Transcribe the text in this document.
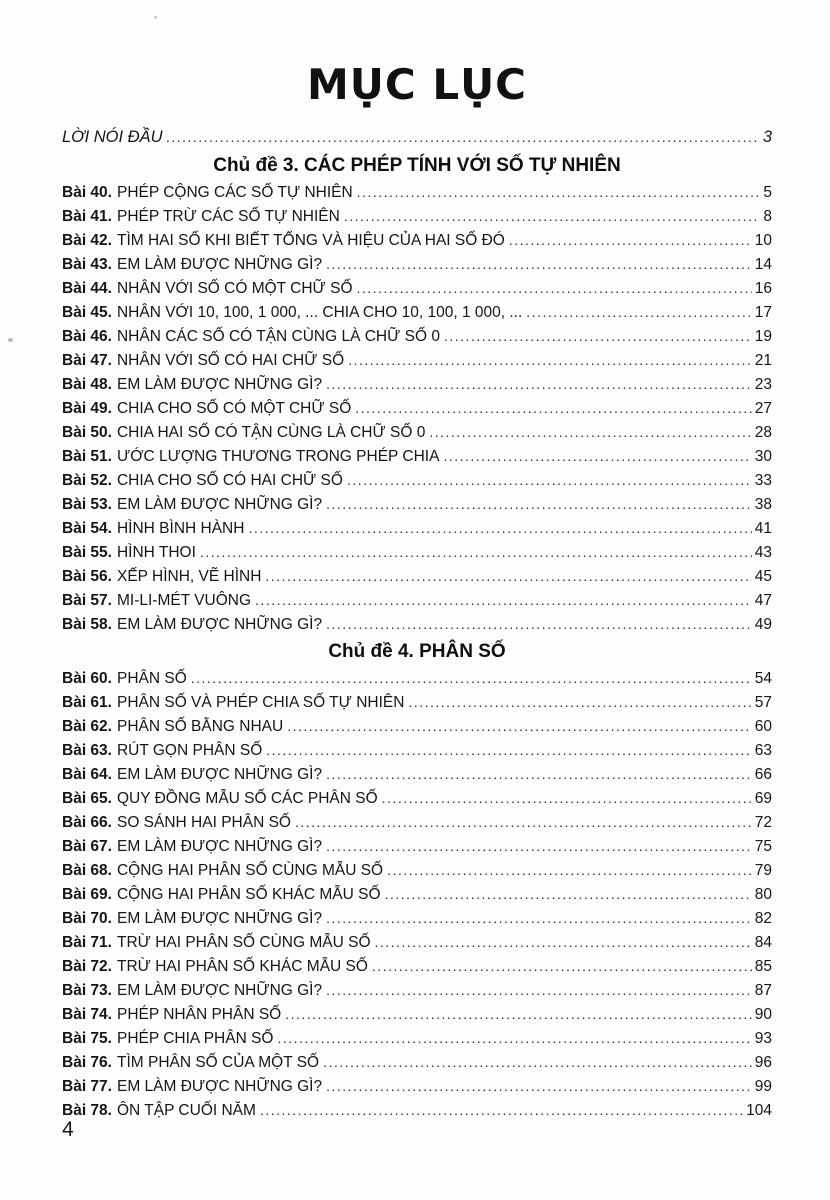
MỤC LỤC
LỜI NÓI ĐẦU .....	3
Chủ đề 3. CÁC PHÉP TÍNH VỚI SỐ TỰ NHIÊN
Bài 40. PHÉP CỘNG CÁC SỐ TỰ NHIÊN .....	5
Bài 41. PHÉP TRỪ CÁC SỐ TỰ NHIÊN .....	8
Bài 42. TÌM HAI SỐ KHI BIẾT TỔNG VÀ HIỆU CỦA HAI SỐ ĐÓ .....	10
Bài 43. EM LÀM ĐƯỢC NHỮNG GÌ? .....	14
Bài 44. NHÂN VỚI SỐ CÓ MỘT CHỮ SỐ .....	16
Bài 45. NHÂN VỚI 10, 100, 1 000, ... CHIA CHO 10, 100, 1 000, ... .....	17
Bài 46. NHÂN CÁC SỐ CÓ TẬN CÙNG LÀ CHỮ SỐ 0 .....	19
Bài 47. NHÂN VỚI SỐ CÓ HAI CHỮ SỐ .....	21
Bài 48. EM LÀM ĐƯỢC NHỮNG GÌ? .....	23
Bài 49. CHIA CHO SỐ CÓ MỘT CHỮ SỐ .....	27
Bài 50. CHIA HAI SỐ CÓ TẬN CÙNG LÀ CHỮ SỐ 0 .....	28
Bài 51. ƯỚC LƯỢNG THƯƠNG TRONG PHÉP CHIA .....	30
Bài 52. CHIA CHO SỐ CÓ HAI CHỮ SỐ .....	33
Bài 53. EM LÀM ĐƯỢC NHỮNG GÌ? .....	38
Bài 54. HÌNH BÌNH HÀNH .....	41
Bài 55. HÌNH THOI .....	43
Bài 56. XẾP HÌNH, VẼ HÌNH .....	45
Bài 57. MI-LI-MÉT VUÔNG .....	47
Bài 58. EM LÀM ĐƯỢC NHỮNG GÌ? .....	49
Chủ đề 4. PHÂN SỐ
Bài 60. PHÂN SỐ .....	54
Bài 61. PHÂN SỐ VÀ PHÉP CHIA SỐ TỰ NHIÊN .....	57
Bài 62. PHÂN SỐ BẰNG NHAU .....	60
Bài 63. RÚT GỌN PHÂN SỐ .....	63
Bài 64. EM LÀM ĐƯỢC NHỮNG GÌ? .....	66
Bài 65. QUY ĐỒNG MẪU SỐ CÁC PHÂN SỐ .....	69
Bài 66. SO SÁNH HAI PHÂN SỐ .....	72
Bài 67. EM LÀM ĐƯỢC NHỮNG GÌ? .....	75
Bài 68. CỘNG HAI PHÂN SỐ CÙNG MẪU SỐ .....	79
Bài 69. CỘNG HAI PHÂN SỐ KHÁC MẪU SỐ .....	80
Bài 70. EM LÀM ĐƯỢC NHỮNG GÌ? .....	82
Bài 71. TRỪ HAI PHÂN SỐ CÙNG MẪU SỐ .....	84
Bài 72. TRỪ HAI PHÂN SỐ KHÁC MẪU SỐ .....	85
Bài 73. EM LÀM ĐƯỢC NHỮNG GÌ? .....	87
Bài 74. PHÉP NHÂN PHÂN SỐ .....	90
Bài 75. PHÉP CHIA PHÂN SỐ .....	93
Bài 76. TÌM PHÂN SỐ CỦA MỘT SỐ .....	96
Bài 77. EM LÀM ĐƯỢC NHỮNG GÌ? .....	99
Bài 78. ÔN TẬP CUỐI NĂM .....	104
4
